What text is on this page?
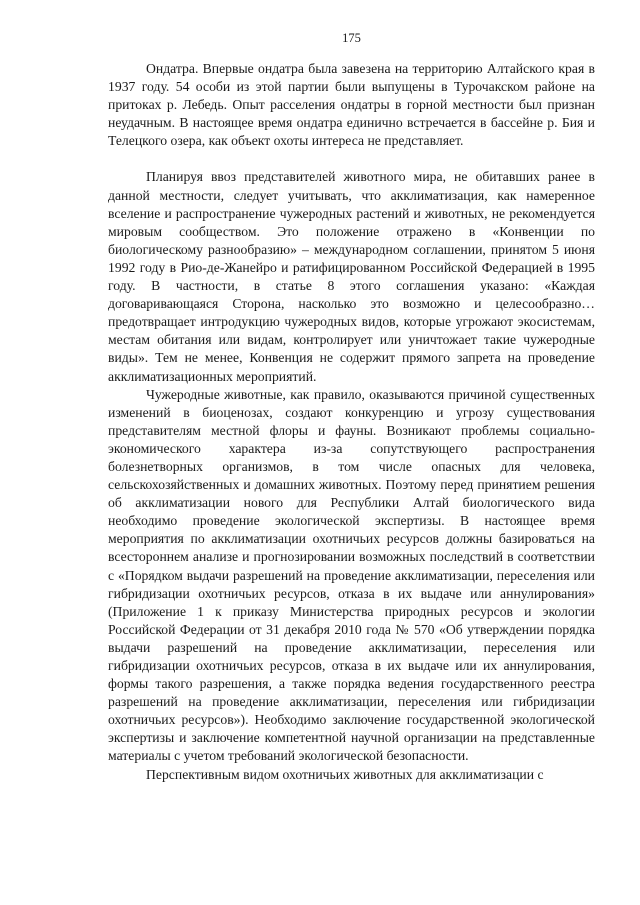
175

Ондатра. Впервые ондатра была завезена на территорию Алтайского края в 1937 году. 54 особи из этой партии были выпущены в Турочакском районе на притоках р. Лебедь. Опыт расселения ондатры в горной местности был признан неудачным. В настоящее время ондатра единично встречается в бассейне р. Бия и Телецкого озера, как объект охоты интереса не представляет.

Планируя ввоз представителей животного мира, не обитавших ранее в данной местности, следует учитывать, что акклиматизация, как намеренное вселение и распространение чужеродных растений и животных, не рекомендуется мировым сообществом. Это положение отражено в «Конвенции по биологическому разнообразию» – международном соглашении, принятом 5 июня 1992 году в Рио-де-Жанейро и ратифицированном Российской Федерацией в 1995 году. В частности, в статье 8 этого соглашения указано: «Каждая договаривающаяся Сторона, насколько это возможно и целесообразно… предотвращает интродукцию чужеродных видов, которые угрожают экосистемам, местам обитания или видам, контролирует или уничтожает такие чужеродные виды». Тем не менее, Конвенция не содержит прямого запрета на проведение акклиматизационных мероприятий.

Чужеродные животные, как правило, оказываются причиной существенных изменений в биоценозах, создают конкуренцию и угрозу существования представителям местной флоры и фауны. Возникают проблемы социально-экономического характера из-за сопутствующего распространения болезнетворных организмов, в том числе опасных для человека, сельскохозяйственных и домашних животных. Поэтому перед принятием решения об акклиматизации нового для Республики Алтай биологического вида необходимо проведение экологической экспертизы. В настоящее время мероприятия по акклиматизации охотничьих ресурсов должны базироваться на всестороннем анализе и прогнозировании возможных последствий в соответствии с «Порядком выдачи разрешений на проведение акклиматизации, переселения или гибридизации охотничьих ресурсов, отказа в их выдаче или аннулирования» (Приложение 1 к приказу Министерства природных ресурсов и экологии Российской Федерации от 31 декабря 2010 года № 570 «Об утверждении порядка выдачи разрешений на проведение акклиматизации, переселения или гибридизации охотничьих ресурсов, отказа в их выдаче или их аннулирования, формы такого разрешения, а также порядка ведения государственного реестра разрешений на проведение акклиматизации, переселения или гибридизации охотничьих ресурсов»). Необходимо заключение государственной экологической экспертизы и заключение компетентной научной организации на представленные материалы с учетом требований экологической безопасности.

Перспективным видом охотничьих животных для акклиматизации с
